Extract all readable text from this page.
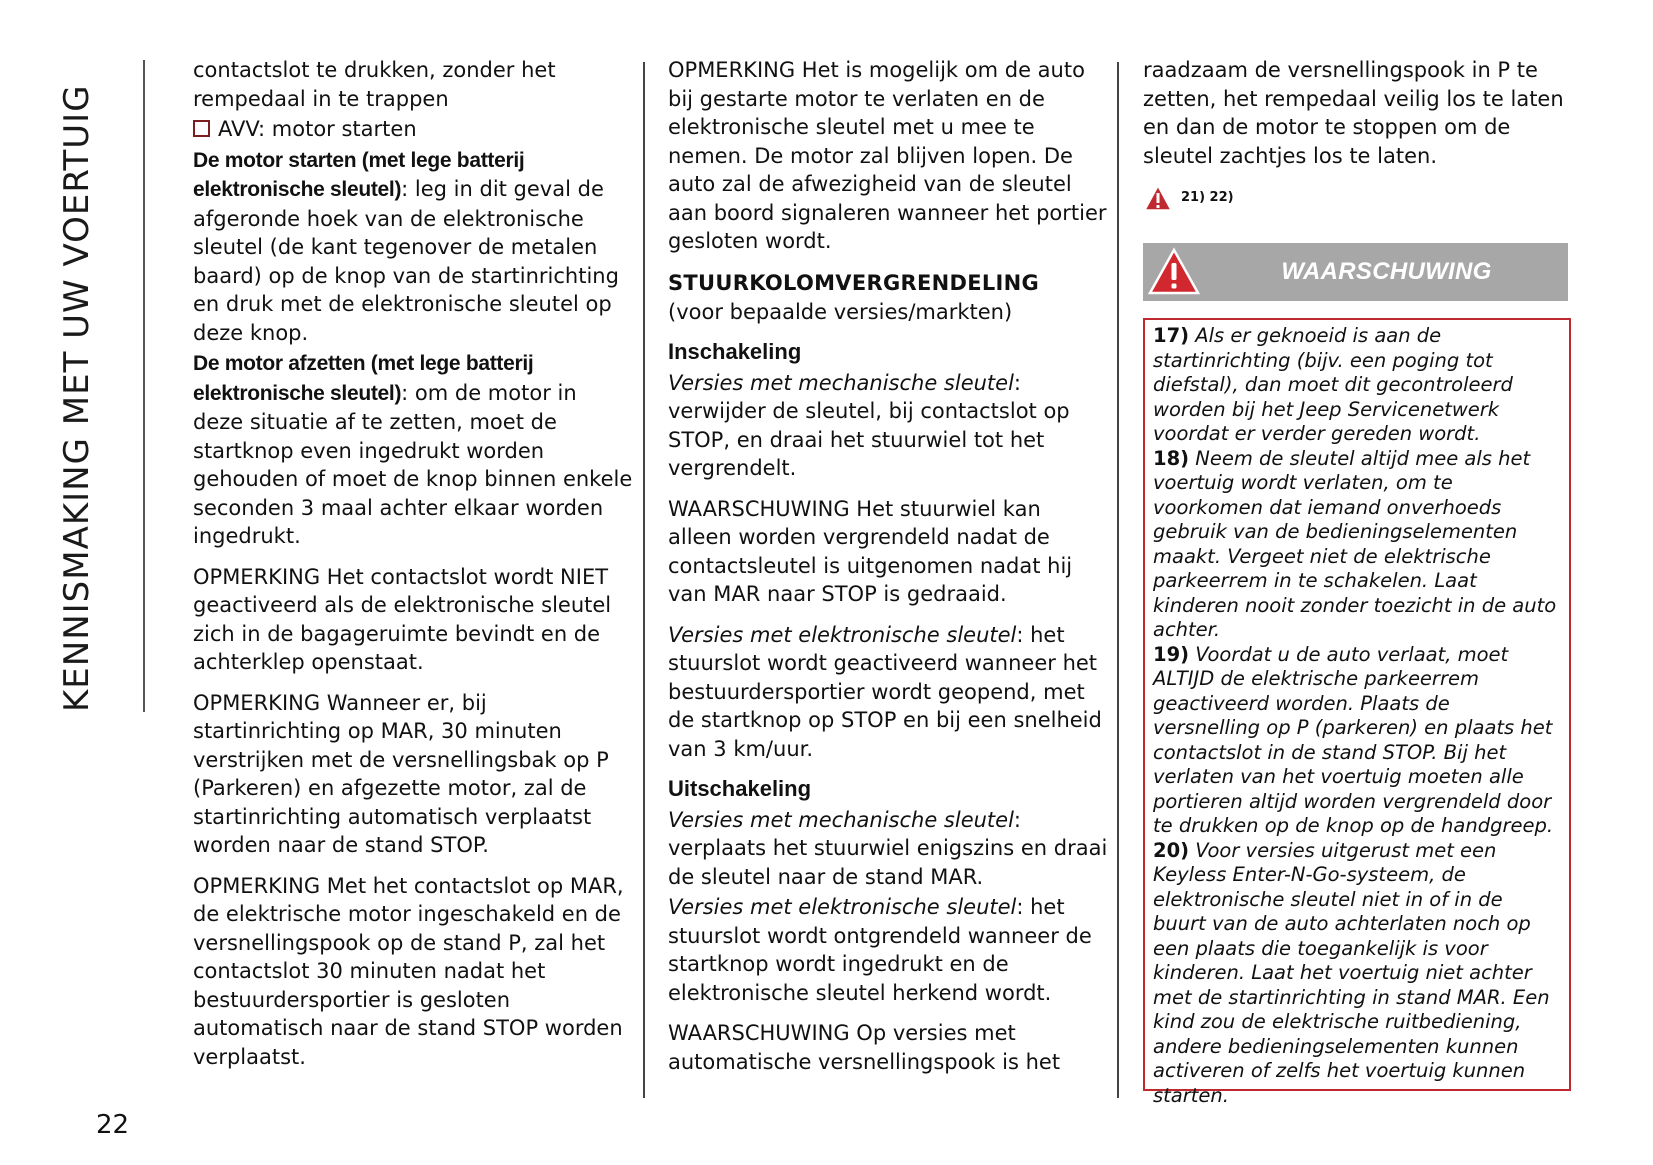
KENNISMAKING MET UW VOERTUIG
22

contactslot te drukken, zonder het rempedaal in te trappen

AVV: motor starten

De motor starten (met lege batterij elektronische sleutel): leg in dit geval de afgeronde hoek van de elektronische sleutel (de kant tegenover de metalen baard) op de knop van de startinrichting en druk met de elektronische sleutel op deze knop.

De motor afzetten (met lege batterij elektronische sleutel): om de motor in deze situatie af te zetten, moet de startknop even ingedrukt worden gehouden of moet de knop binnen enkele seconden 3 maal achter elkaar worden ingedrukt.

OPMERKING Het contactslot wordt NIET geactiveerd als de elektronische sleutel zich in de bagageruimte bevindt en de achterklep openstaat.

OPMERKING Wanneer er, bij startinrichting op MAR, 30 minuten verstrijken met de versnellingsbak op P (Parkeren) en afgezette motor, zal de startinrichting automatisch verplaatst worden naar de stand STOP.

OPMERKING Met het contactslot op MAR, de elektrische motor ingeschakeld en de versnellingspook op de stand P, zal het contactslot 30 minuten nadat het bestuurdersportier is gesloten automatisch naar de stand STOP worden verplaatst.

OPMERKING Het is mogelijk om de auto bij gestarte motor te verlaten en de elektronische sleutel met u mee te nemen. De motor zal blijven lopen. De auto zal de afwezigheid van de sleutel aan boord signaleren wanneer het portier gesloten wordt.

STUURKOLOMVERGRENDELING

(voor bepaalde versies/markten)

Inschakeling

Versies met mechanische sleutel: verwijder de sleutel, bij contactslot op STOP, en draai het stuurwiel tot het vergrendelt.

WAARSCHUWING Het stuurwiel kan alleen worden vergrendeld nadat de contactsleutel is uitgenomen nadat hij van MAR naar STOP is gedraaid.

Versies met elektronische sleutel: het stuurslot wordt geactiveerd wanneer het bestuurdersportier wordt geopend, met de startknop op STOP en bij een snelheid van 3 km/uur.

Uitschakeling

Versies met mechanische sleutel: verplaats het stuurwiel enigszins en draai de sleutel naar de stand MAR.

Versies met elektronische sleutel: het stuurslot wordt ontgrendeld wanneer de startknop wordt ingedrukt en de elektronische sleutel herkend wordt.

WAARSCHUWING Op versies met automatische versnellingspook is het

raadzaam de versnellingspook in P te zetten, het rempedaal veilig los te laten en dan de motor te stoppen om de sleutel zachtjes los te laten.

21) 22)
WAARSCHUWING

17) Als er geknoeid is aan de startinrichting (bijv. een poging tot diefstal), dan moet dit gecontroleerd worden bij het Jeep Servicenetwerk voordat er verder gereden wordt.

18) Neem de sleutel altijd mee als het voertuig wordt verlaten, om te voorkomen dat iemand onverhoeds gebruik van de bedieningselementen maakt. Vergeet niet de elektrische parkeerrem in te schakelen. Laat kinderen nooit zonder toezicht in de auto achter.

19) Voordat u de auto verlaat, moet ALTIJD de elektrische parkeerrem geactiveerd worden. Plaats de versnelling op P (parkeren) en plaats het contactslot in de stand STOP. Bij het verlaten van het voertuig moeten alle portieren altijd worden vergrendeld door te drukken op de knop op de handgreep.

20) Voor versies uitgerust met een Keyless Enter-N-Go-systeem, de elektronische sleutel niet in of in de buurt van de auto achterlaten noch op een plaats die toegankelijk is voor kinderen. Laat het voertuig niet achter met de startinrichting in stand MAR. Een kind zou de elektrische ruitbediening, andere bedieningselementen kunnen activeren of zelfs het voertuig kunnen starten.
